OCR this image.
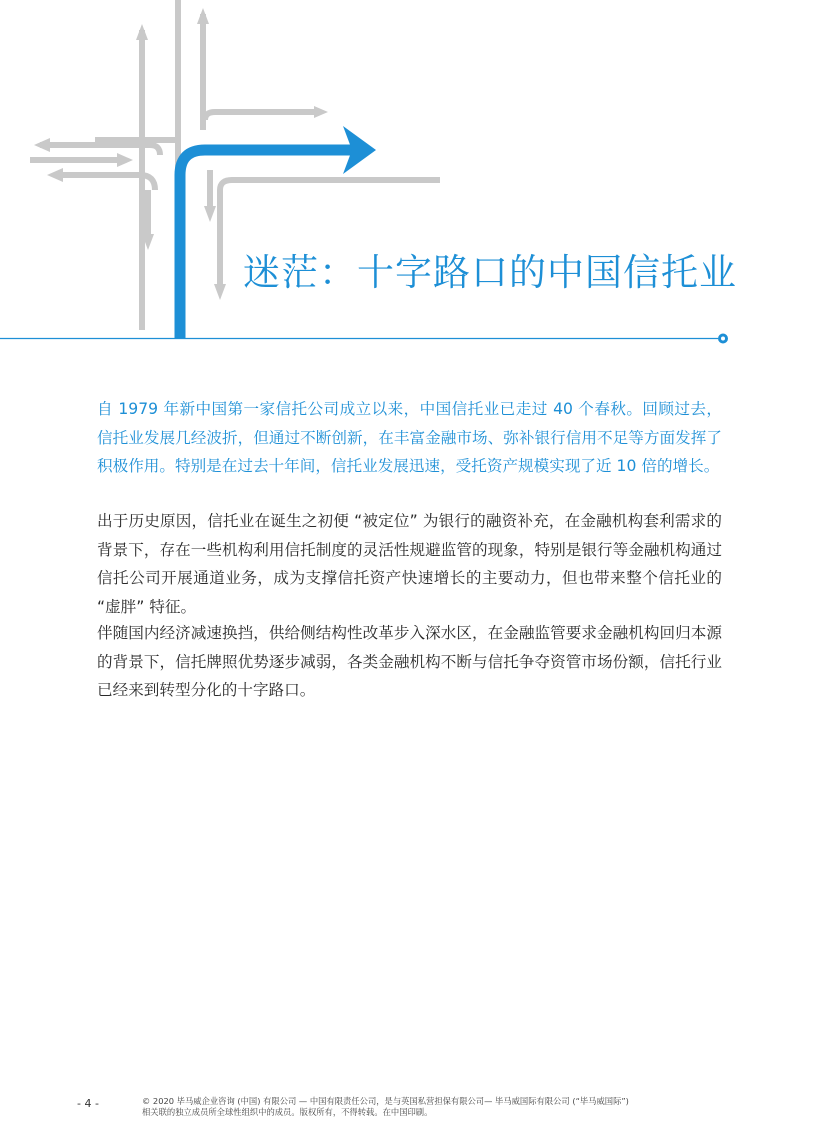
迷茫：十字路口的中国信托业

自 1979 年新中国第一家信托公司成立以来，中国信托业已走过 40 个春秋。回顾过去，信托业发展几经波折，但通过不断创新，在丰富金融市场、弥补银行信用不足等方面发挥了积极作用。特别是在过去十年间，信托业发展迅速，受托资产规模实现了近 10 倍的增长。

出于历史原因，信托业在诞生之初便 “被定位” 为银行的融资补充，在金融机构套利需求的背景下，存在一些机构利用信托制度的灵活性规避监管的现象，特别是银行等金融机构通过信托公司开展通道业务，成为支撑信托资产快速增长的主要动力，但也带来整个信托业的 “虚胖” 特征。

伴随国内经济减速换挡，供给侧结构性改革步入深水区，在金融监管要求金融机构回归本源的背景下，信托牌照优势逐步减弱，各类金融机构不断与信托争夺资管市场份额，信托行业已经来到转型分化的十字路口。

- 4 -	© 2020 毕马威企业咨询 (中国) 有限公司 — 中国有限责任公司，是与英国私营担保有限公司— 毕马威国际有限公司 (“毕马威国际”)
相关联的独立成员所全球性组织中的成员。版权所有，不得转载。在中国印刷。
